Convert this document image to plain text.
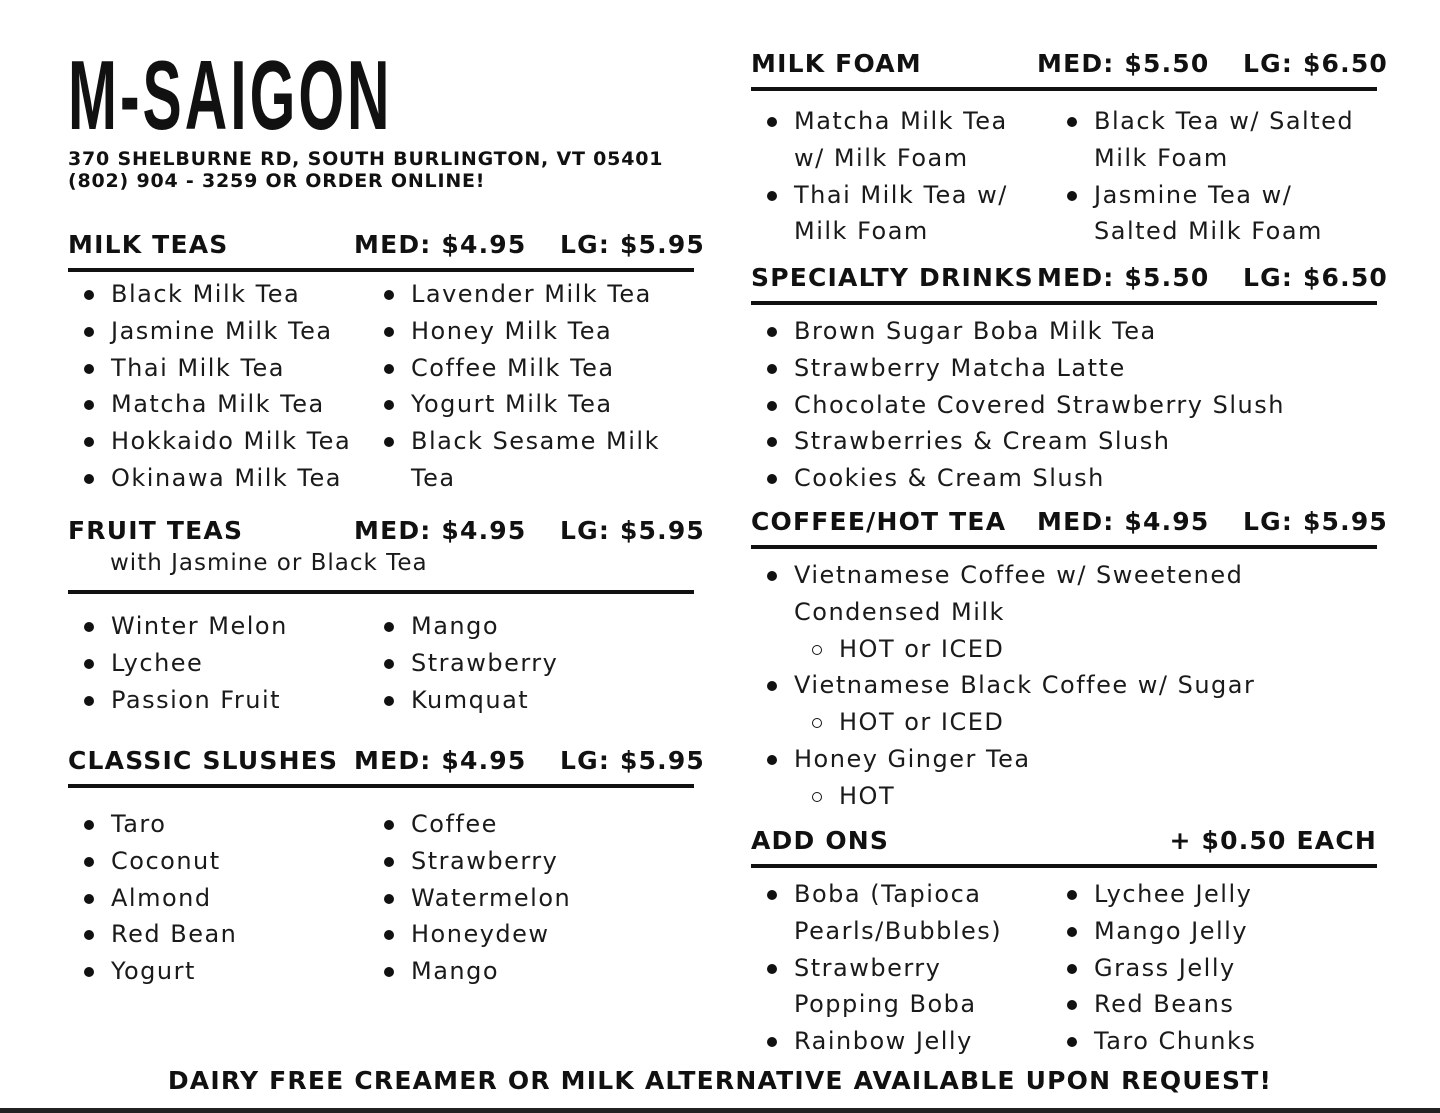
M-SAIGON
370 SHELBURNE RD, SOUTH BURLINGTON, VT 05401
(802) 904 - 3259 OR ORDER ONLINE!
MILK TEAS	MED: $4.95 LG: $5.95
Black Milk Tea
Jasmine Milk Tea
Thai Milk Tea
Matcha Milk Tea
Hokkaido Milk Tea
Okinawa Milk Tea
Lavender Milk Tea
Honey Milk Tea
Coffee Milk Tea
Yogurt Milk Tea
Black Sesame Milk Tea
FRUIT TEAS	MED: $4.95 LG: $5.95
with Jasmine or Black Tea
Winter Melon
Lychee
Passion Fruit
Mango
Strawberry
Kumquat
CLASSIC SLUSHES MED: $4.95 LG: $5.95
Taro
Coconut
Almond
Red Bean
Yogurt
Coffee
Strawberry
Watermelon
Honeydew
Mango
MILK FOAM	MED: $5.50 LG: $6.50
Matcha Milk Tea w/ Milk Foam
Thai Milk Tea w/ Milk Foam
Black Tea w/ Salted Milk Foam
Jasmine Tea w/ Salted Milk Foam
SPECIALTY DRINKS MED: $5.50 LG: $6.50
Brown Sugar Boba Milk Tea
Strawberry Matcha Latte
Chocolate Covered Strawberry Slush
Strawberries & Cream Slush
Cookies & Cream Slush
COFFEE/HOT TEA MED: $4.95 LG: $5.95
Vietnamese Coffee w/ Sweetened Condensed Milk
HOT or ICED
Vietnamese Black Coffee w/ Sugar
HOT or ICED
Honey Ginger Tea
HOT
ADD ONS	+ $0.50 EACH
Boba (Tapioca Pearls/Bubbles)
Strawberry Popping Boba
Rainbow Jelly
Lychee Jelly
Mango Jelly
Grass Jelly
Red Beans
Taro Chunks
DAIRY FREE CREAMER OR MILK ALTERNATIVE AVAILABLE UPON REQUEST!
